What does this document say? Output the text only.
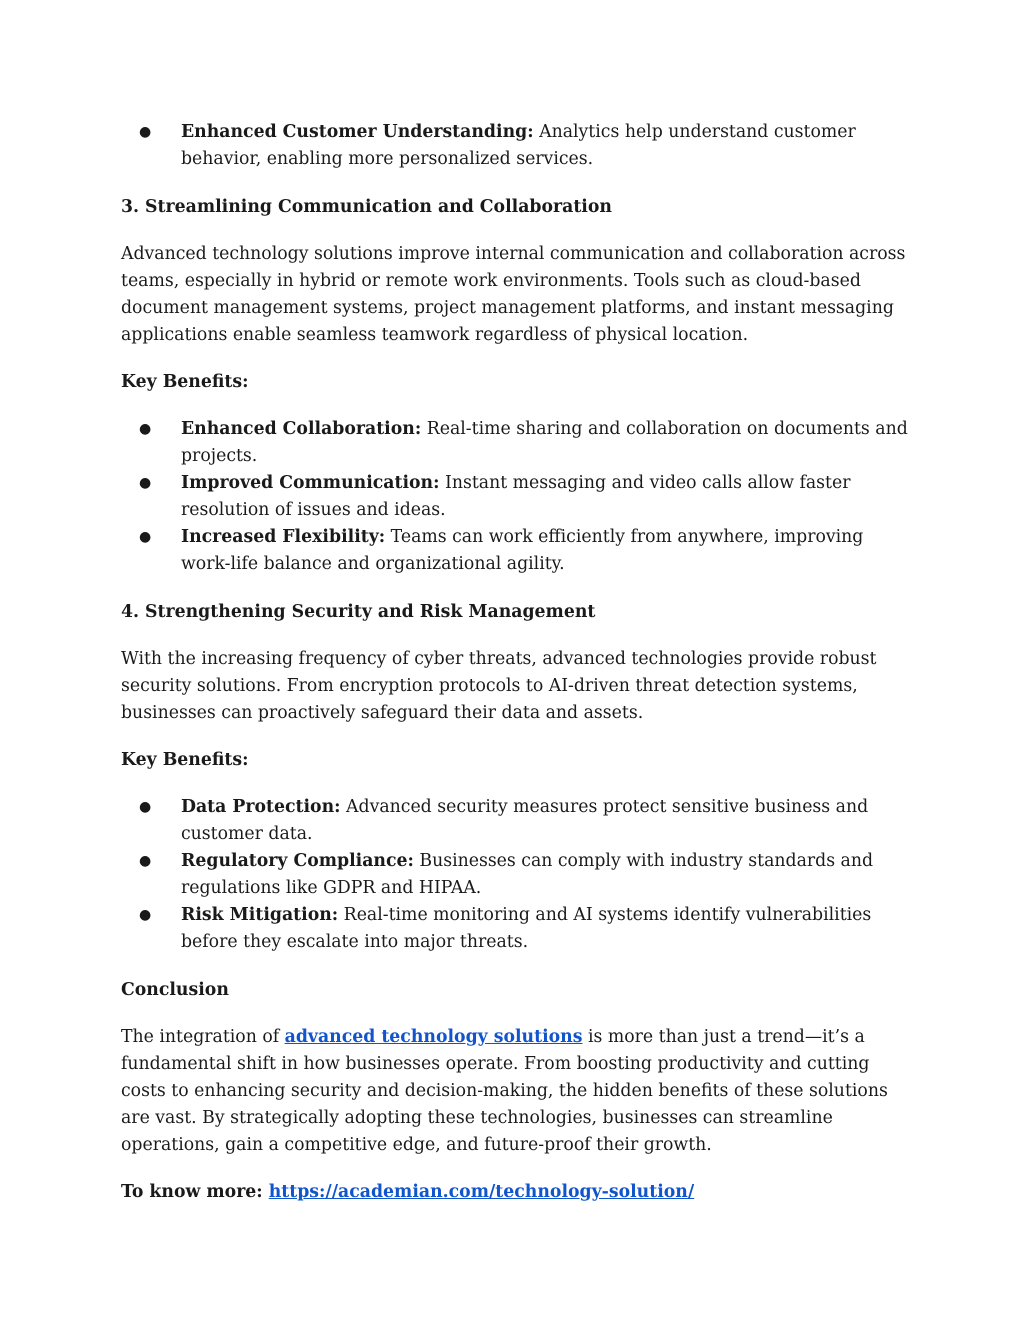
● Enhanced Customer Understanding: Analytics help understand customer behavior, enabling more personalized services.

3. Streamlining Communication and Collaboration

Advanced technology solutions improve internal communication and collaboration across teams, especially in hybrid or remote work environments. Tools such as cloud-based document management systems, project management platforms, and instant messaging applications enable seamless teamwork regardless of physical location.

Key Benefits:

● Enhanced Collaboration: Real-time sharing and collaboration on documents and projects.
● Improved Communication: Instant messaging and video calls allow faster resolution of issues and ideas.
● Increased Flexibility: Teams can work efficiently from anywhere, improving work-life balance and organizational agility.

4. Strengthening Security and Risk Management

With the increasing frequency of cyber threats, advanced technologies provide robust security solutions. From encryption protocols to AI-driven threat detection systems, businesses can proactively safeguard their data and assets.

Key Benefits:

● Data Protection: Advanced security measures protect sensitive business and customer data.
● Regulatory Compliance: Businesses can comply with industry standards and regulations like GDPR and HIPAA.
● Risk Mitigation: Real-time monitoring and AI systems identify vulnerabilities before they escalate into major threats.

Conclusion

The integration of advanced technology solutions is more than just a trend—it’s a fundamental shift in how businesses operate. From boosting productivity and cutting costs to enhancing security and decision-making, the hidden benefits of these solutions are vast. By strategically adopting these technologies, businesses can streamline operations, gain a competitive edge, and future-proof their growth.

To know more: https://academian.com/technology-solution/
